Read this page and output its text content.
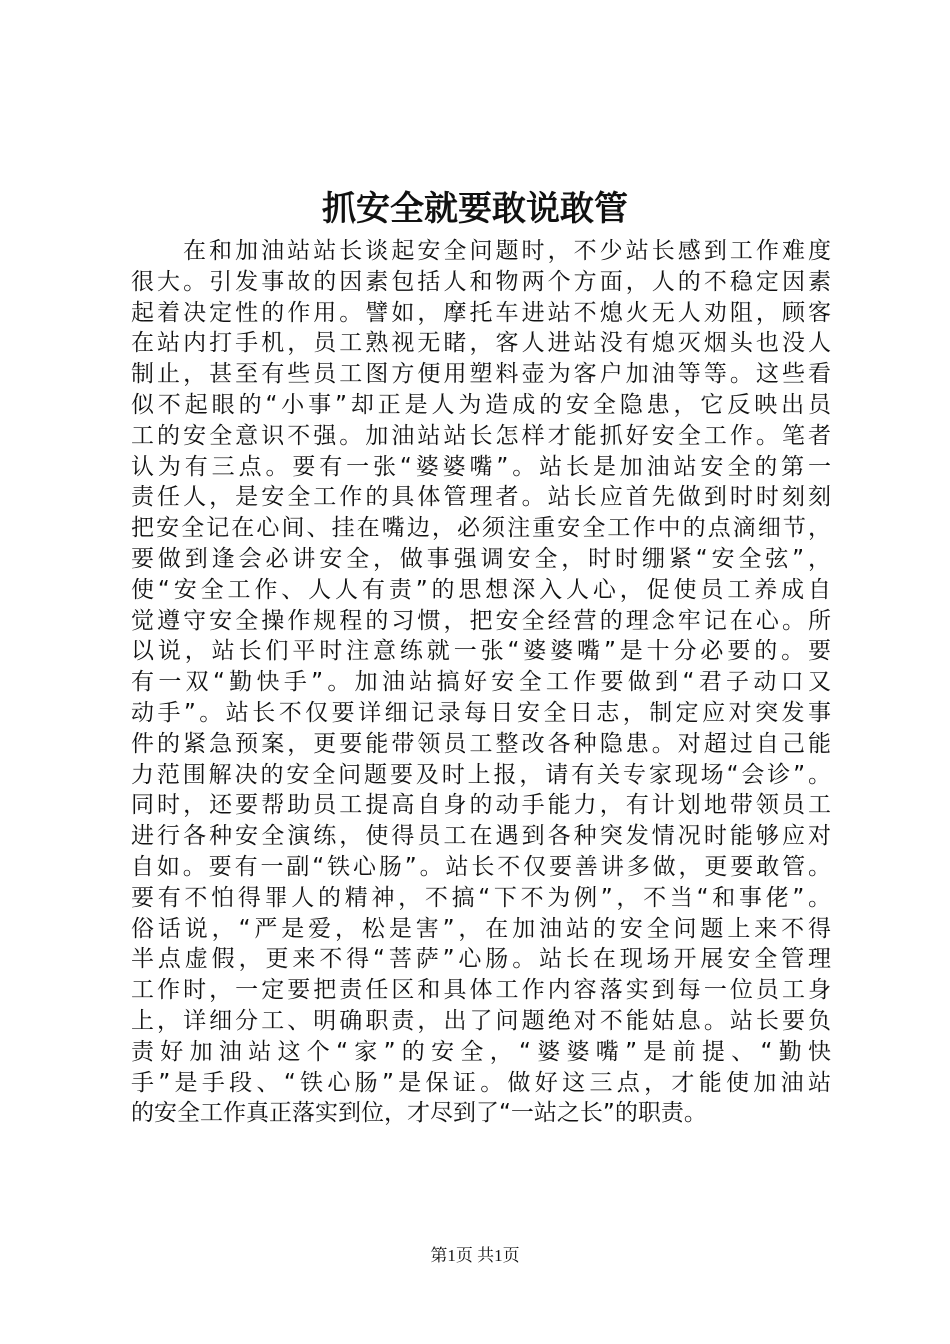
抓安全就要敢说敢管
在和加油站站长谈起安全问题时，不少站长感到工作难度
很大。引发事故的因素包括人和物两个方面，人的不稳定因素
起着决定性的作用。譬如，摩托车进站不熄火无人劝阻，顾客
在站内打手机，员工熟视无睹，客人进站没有熄灭烟头也没人
制止，甚至有些员工图方便用塑料壶为客户加油等等。这些看
似不起眼的“小事”却正是人为造成的安全隐患，它反映出员
工的安全意识不强。加油站站长怎样才能抓好安全工作。笔者
认为有三点。要有一张“婆婆嘴”。站长是加油站安全的第一
责任人，是安全工作的具体管理者。站长应首先做到时时刻刻
把安全记在心间、挂在嘴边，必须注重安全工作中的点滴细节，
要做到逢会必讲安全，做事强调安全，时时绷紧“安全弦”，
使“安全工作、人人有责”的思想深入人心，促使员工养成自
觉遵守安全操作规程的习惯，把安全经营的理念牢记在心。所
以说，站长们平时注意练就一张“婆婆嘴”是十分必要的。要
有一双“勤快手”。加油站搞好安全工作要做到“君子动口又
动手”。站长不仅要详细记录每日安全日志，制定应对突发事
件的紧急预案，更要能带领员工整改各种隐患。对超过自己能
力范围解决的安全问题要及时上报，请有关专家现场“会诊”。
同时，还要帮助员工提高自身的动手能力，有计划地带领员工
进行各种安全演练，使得员工在遇到各种突发情况时能够应对
自如。要有一副“铁心肠”。站长不仅要善讲多做，更要敢管。
要有不怕得罪人的精神，不搞“下不为例”，不当“和事佬”。
俗话说，“严是爱，松是害”，在加油站的安全问题上来不得
半点虚假，更来不得“菩萨”心肠。站长在现场开展安全管理
工作时，一定要把责任区和具体工作内容落实到每一位员工身
上，详细分工、明确职责，出了问题绝对不能姑息。站长要负
责好加油站这个“家”的安全，“婆婆嘴”是前提、“勤快
手”是手段、“铁心肠”是保证。做好这三点，才能使加油站
的安全工作真正落实到位，才尽到了“一站之长”的职责。
第1页 共1页
